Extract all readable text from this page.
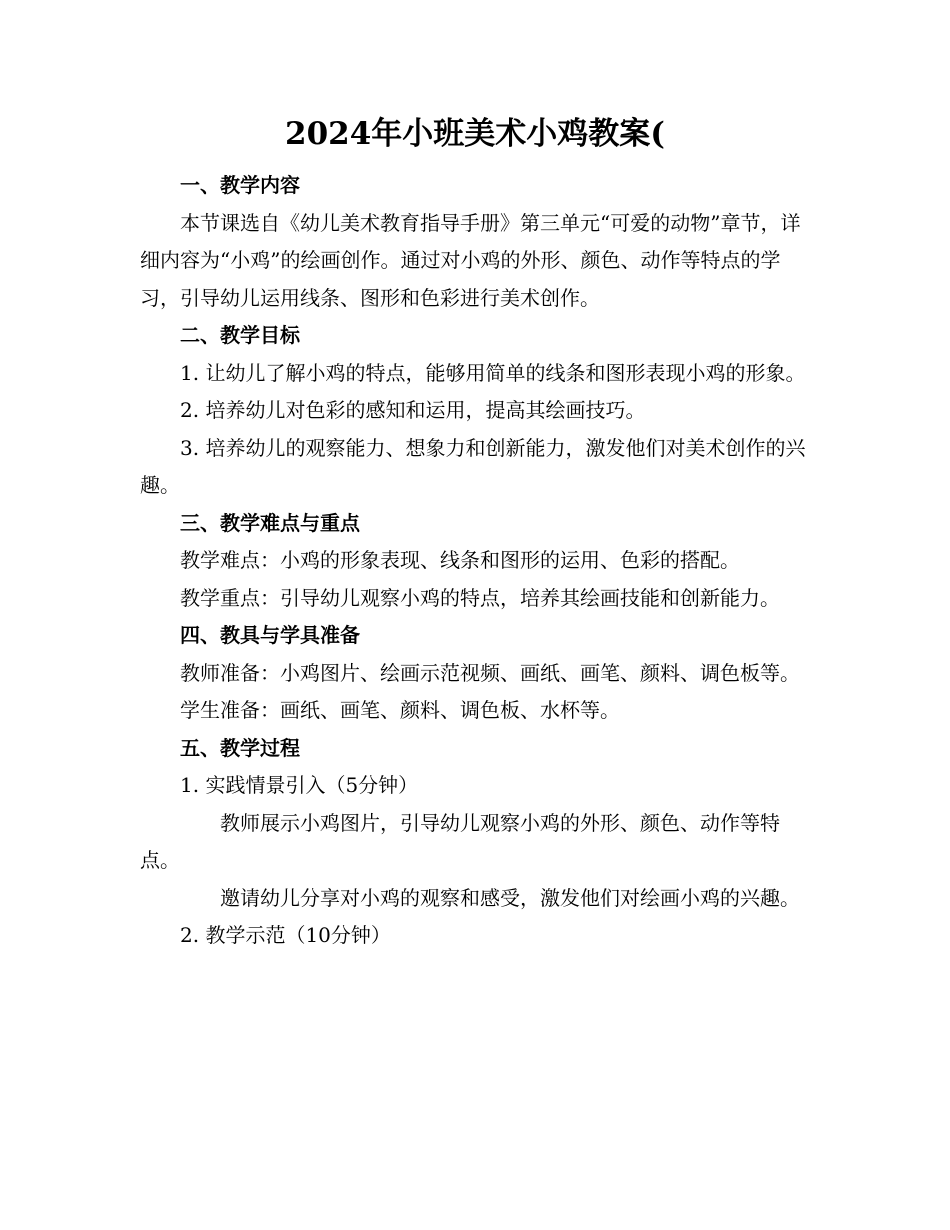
2024年小班美术小鸡教案(

一、教学内容

本节课选自《幼儿美术教育指导手册》第三单元“可爱的动物”章节，详细内容为“小鸡”的绘画创作。通过对小鸡的外形、颜色、动作等特点的学习，引导幼儿运用线条、图形和色彩进行美术创作。

二、教学目标

1. 让幼儿了解小鸡的特点，能够用简单的线条和图形表现小鸡的形象。

2. 培养幼儿对色彩的感知和运用，提高其绘画技巧。

3. 培养幼儿的观察能力、想象力和创新能力，激发他们对美术创作的兴趣。

三、教学难点与重点

教学难点：小鸡的形象表现、线条和图形的运用、色彩的搭配。

教学重点：引导幼儿观察小鸡的特点，培养其绘画技能和创新能力。

四、教具与学具准备

教师准备：小鸡图片、绘画示范视频、画纸、画笔、颜料、调色板等。

学生准备：画纸、画笔、颜料、调色板、水杯等。

五、教学过程

1. 实践情景引入（5分钟）

教师展示小鸡图片，引导幼儿观察小鸡的外形、颜色、动作等特点。

邀请幼儿分享对小鸡的观察和感受，激发他们对绘画小鸡的兴趣。

2. 教学示范（10分钟）
